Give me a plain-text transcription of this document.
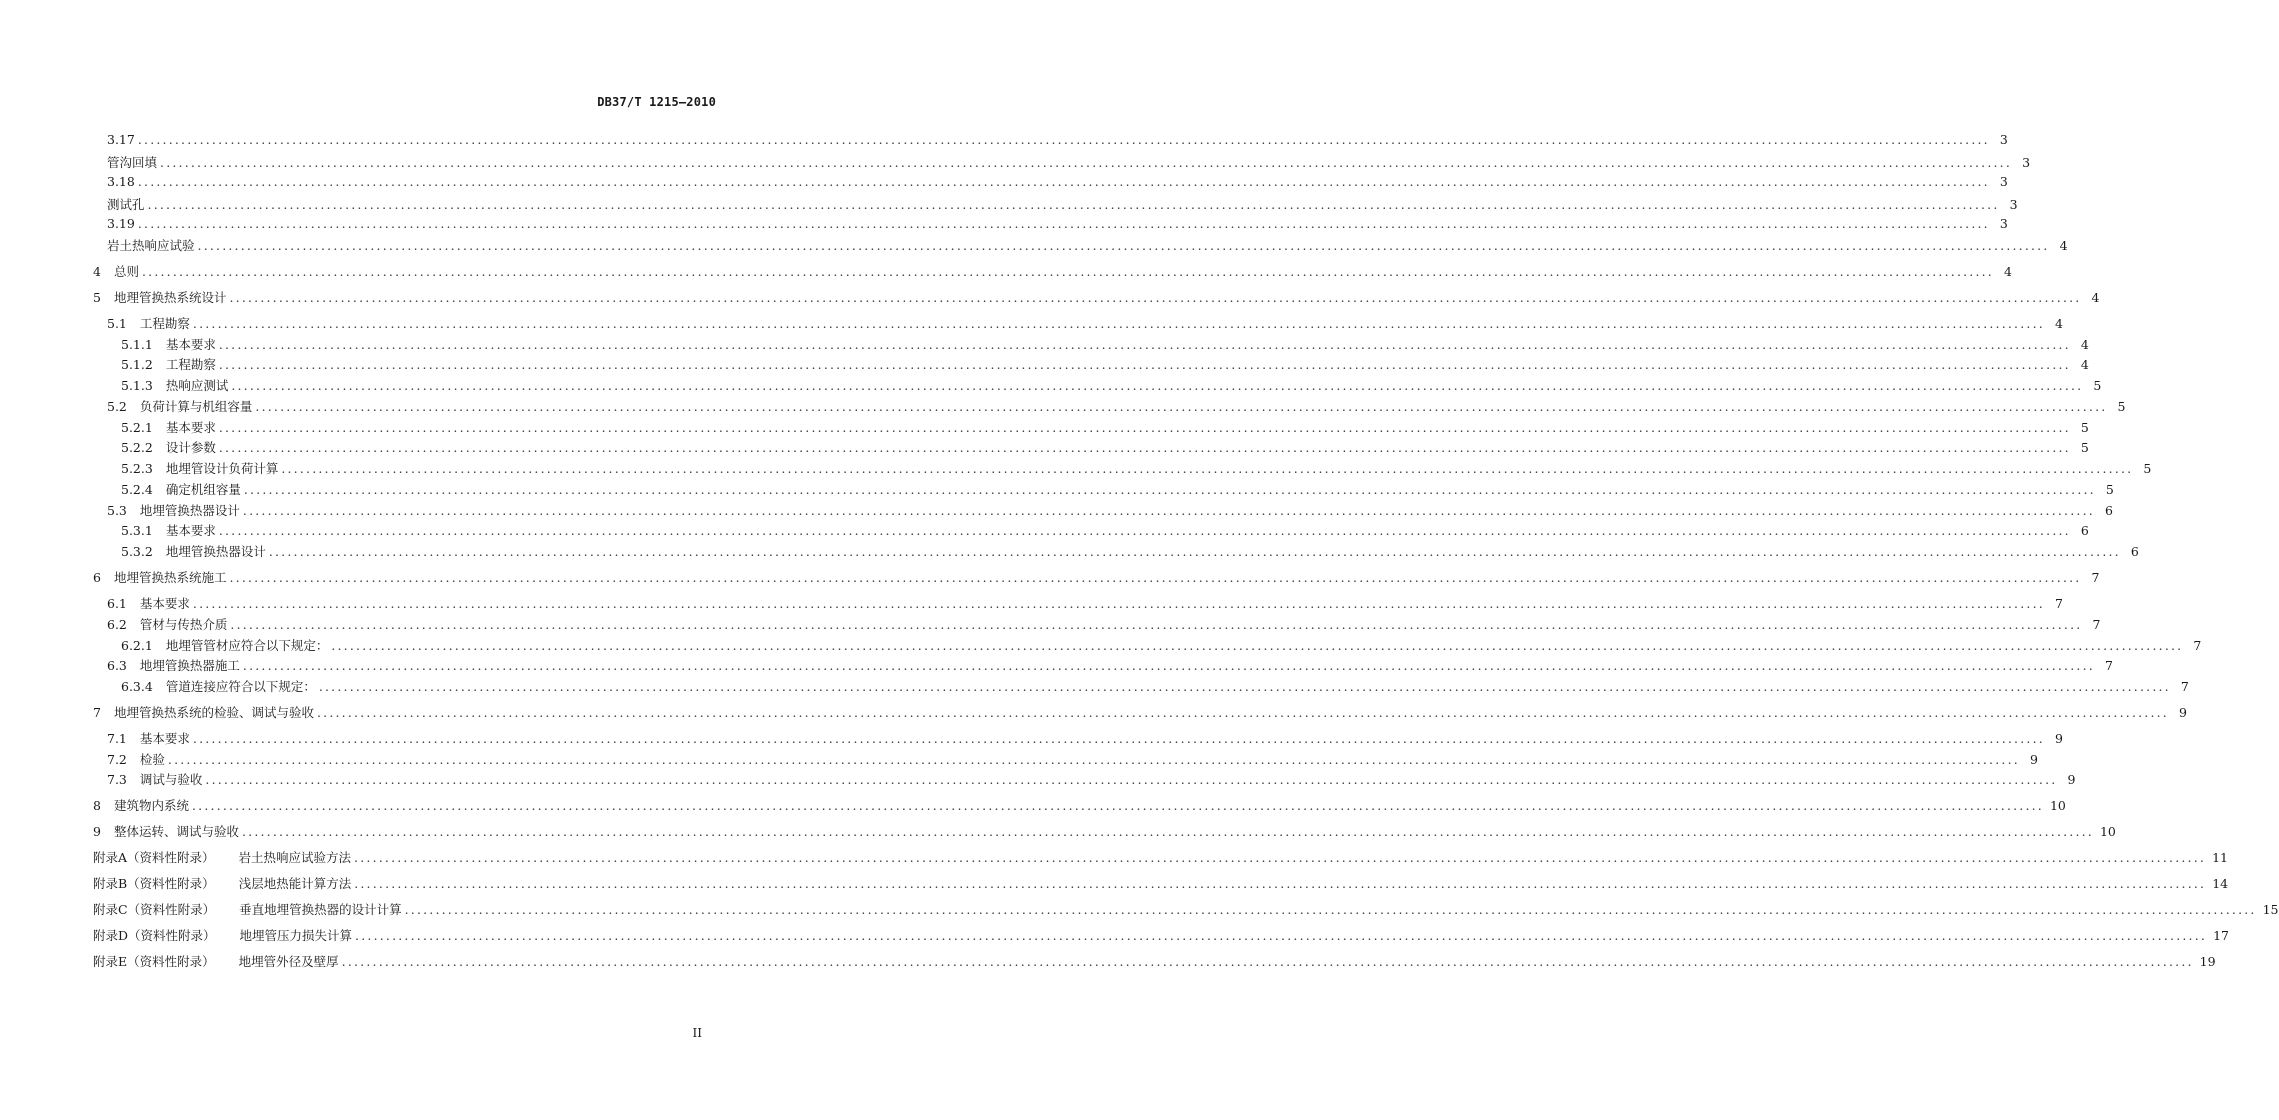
DB37/T 1215—2010
3.17 ............................................................................................................................................................................................................................................................................................................ 3
管沟回填 ............................................................................................................................................................................................................................................................................................................ 3
3.18 ............................................................................................................................................................................................................................................................................................................ 3
测试孔 ............................................................................................................................................................................................................................................................................................................ 3
3.19 ............................................................................................................................................................................................................................................................................................................ 3
岩土热响应试验 ............................................................................................................................................................................................................................................................................................................ 4
4 总则 ............................................................................................................................................................................................................................................................................................................ 4
5 地理管换热系统设计 ............................................................................................................................................................................................................................................................................................................ 4
5.1 工程勘察 ............................................................................................................................................................................................................................................................................................................ 4
5.1.1 基本要求 ............................................................................................................................................................................................................................................................................................................ 4
5.1.2 工程勘察 ............................................................................................................................................................................................................................................................................................................ 4
5.1.3 热响应测试 ............................................................................................................................................................................................................................................................................................................ 5
5.2 负荷计算与机组容量 ............................................................................................................................................................................................................................................................................................................ 5
5.2.1 基本要求 ............................................................................................................................................................................................................................................................................................................ 5
5.2.2 设计参数 ............................................................................................................................................................................................................................................................................................................ 5
5.2.3 地埋管设计负荷计算 ............................................................................................................................................................................................................................................................................................................ 5
5.2.4 确定机组容量 ............................................................................................................................................................................................................................................................................................................ 5
5.3 地埋管换热器设计 ............................................................................................................................................................................................................................................................................................................ 6
5.3.1 基本要求 ............................................................................................................................................................................................................................................................................................................ 6
5.3.2 地埋管换热器设计 ............................................................................................................................................................................................................................................................................................................ 6
6 地埋管换热系统施工 ............................................................................................................................................................................................................................................................................................................ 7
6.1 基本要求 ............................................................................................................................................................................................................................................................................................................ 7
6.2 管材与传热介质 ............................................................................................................................................................................................................................................................................................................ 7
6.2.1 地埋管管材应符合以下规定： ............................................................................................................................................................................................................................................................................................................ 7
6.3 地埋管换热器施工 ............................................................................................................................................................................................................................................................................................................ 7
6.3.4 管道连接应符合以下规定： ............................................................................................................................................................................................................................................................................................................ 7
7 地埋管换热系统的检验、调试与验收 ............................................................................................................................................................................................................................................................................................................ 9
7.1 基本要求 ............................................................................................................................................................................................................................................................................................................ 9
7.2 检验 ............................................................................................................................................................................................................................................................................................................ 9
7.3 调试与验收 ............................................................................................................................................................................................................................................................................................................ 9
8 建筑物内系统 ............................................................................................................................................................................................................................................................................................................ 10
9 整体运转、调试与验收 ............................................................................................................................................................................................................................................................................................................ 10
附录A（资料性附录） 岩土热响应试验方法 ............................................................................................................................................................................................................................................................................................................ 11
附录B（资料性附录） 浅层地热能计算方法 ............................................................................................................................................................................................................................................................................................................ 14
附录C（资料性附录） 垂直地埋管换热器的设计计算 ............................................................................................................................................................................................................................................................................................................ 15
附录D（资料性附录） 地埋管压力损失计算 ............................................................................................................................................................................................................................................................................................................ 17
附录E（资料性附录） 地埋管外径及壁厚 ............................................................................................................................................................................................................................................................................................................ 19
II
